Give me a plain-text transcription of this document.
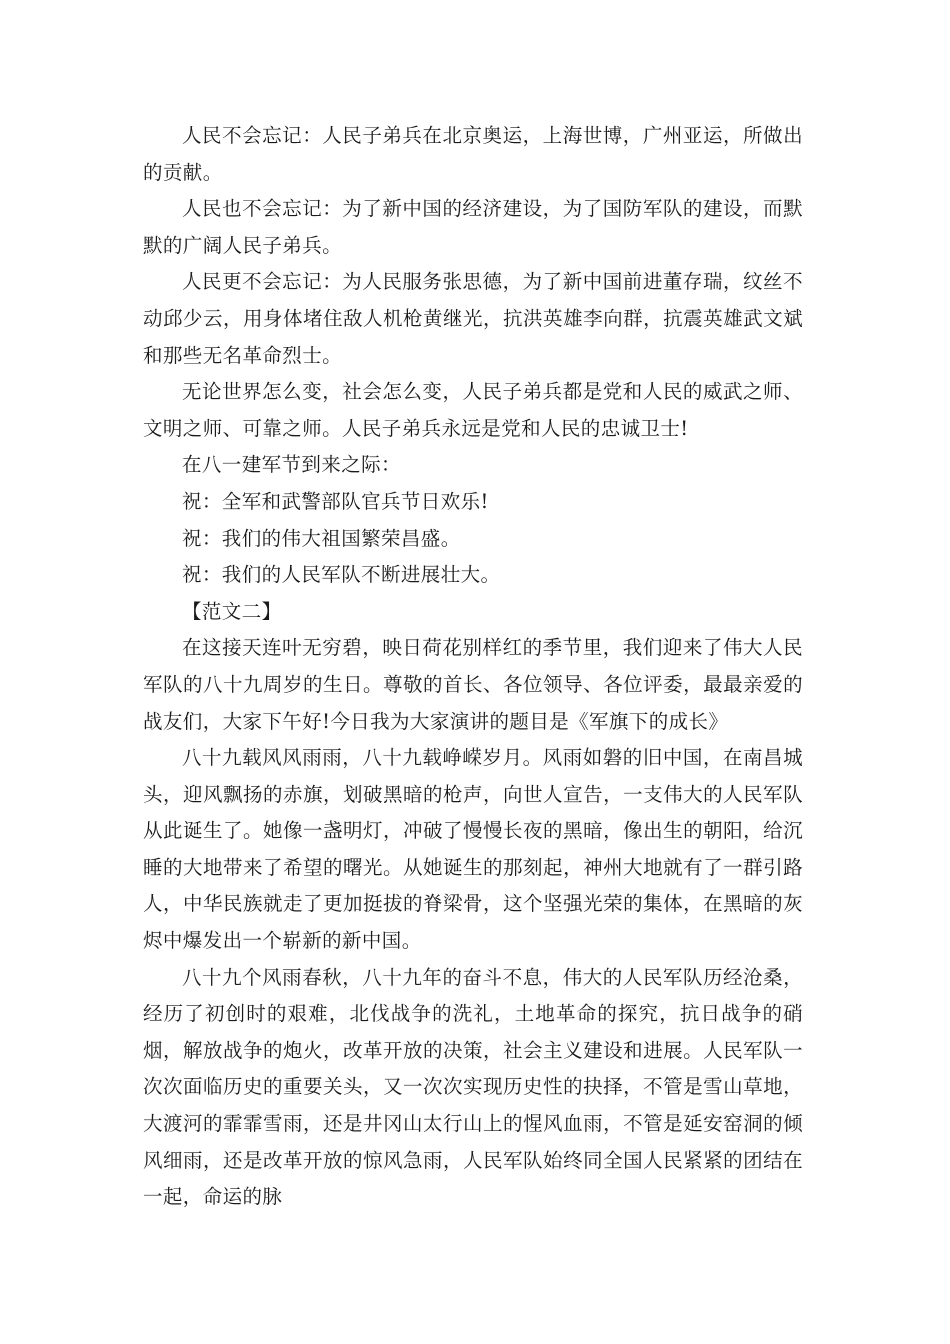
人民不会忘记：人民子弟兵在北京奥运，上海世博，广州亚运，所做出的贡献。

人民也不会忘记：为了新中国的经济建设，为了国防军队的建设，而默默的广阔人民子弟兵。

人民更不会忘记：为人民服务张思德，为了新中国前进董存瑞，纹丝不动邱少云，用身体堵住敌人机枪黄继光，抗洪英雄李向群，抗震英雄武文斌和那些无名革命烈士。

无论世界怎么变，社会怎么变，人民子弟兵都是党和人民的威武之师、文明之师、可靠之师。人民子弟兵永远是党和人民的忠诚卫士!

在八一建军节到来之际：

祝：全军和武警部队官兵节日欢乐!

祝：我们的伟大祖国繁荣昌盛。

祝：我们的人民军队不断进展壮大。

【范文二】

在这接天连叶无穷碧，映日荷花别样红的季节里，我们迎来了伟大人民军队的八十九周岁的生日。尊敬的首长、各位领导、各位评委，最最亲爱的战友们，大家下午好!今日我为大家演讲的题目是《军旗下的成长》

八十九载风风雨雨，八十九载峥嵘岁月。风雨如磐的旧中国，在南昌城头，迎风飘扬的赤旗，划破黑暗的枪声，向世人宣告，一支伟大的人民军队从此诞生了。她像一盏明灯，冲破了慢慢长夜的黑暗，像出生的朝阳，给沉睡的大地带来了希望的曙光。从她诞生的那刻起，神州大地就有了一群引路人，中华民族就走了更加挺拔的脊梁骨，这个坚强光荣的集体，在黑暗的灰烬中爆发出一个崭新的新中国。

八十九个风雨春秋，八十九年的奋斗不息，伟大的人民军队历经沧桑，经历了初创时的艰难，北伐战争的洗礼，土地革命的探究，抗日战争的硝烟，解放战争的炮火，改革开放的决策，社会主义建设和进展。人民军队一次次面临历史的重要关头，又一次次实现历史性的抉择，不管是雪山草地，大渡河的霏霏雪雨，还是井冈山太行山上的惺风血雨，不管是延安窑洞的倾风细雨，还是改革开放的惊风急雨，人民军队始终同全国人民紧紧的团结在一起，命运的脉
